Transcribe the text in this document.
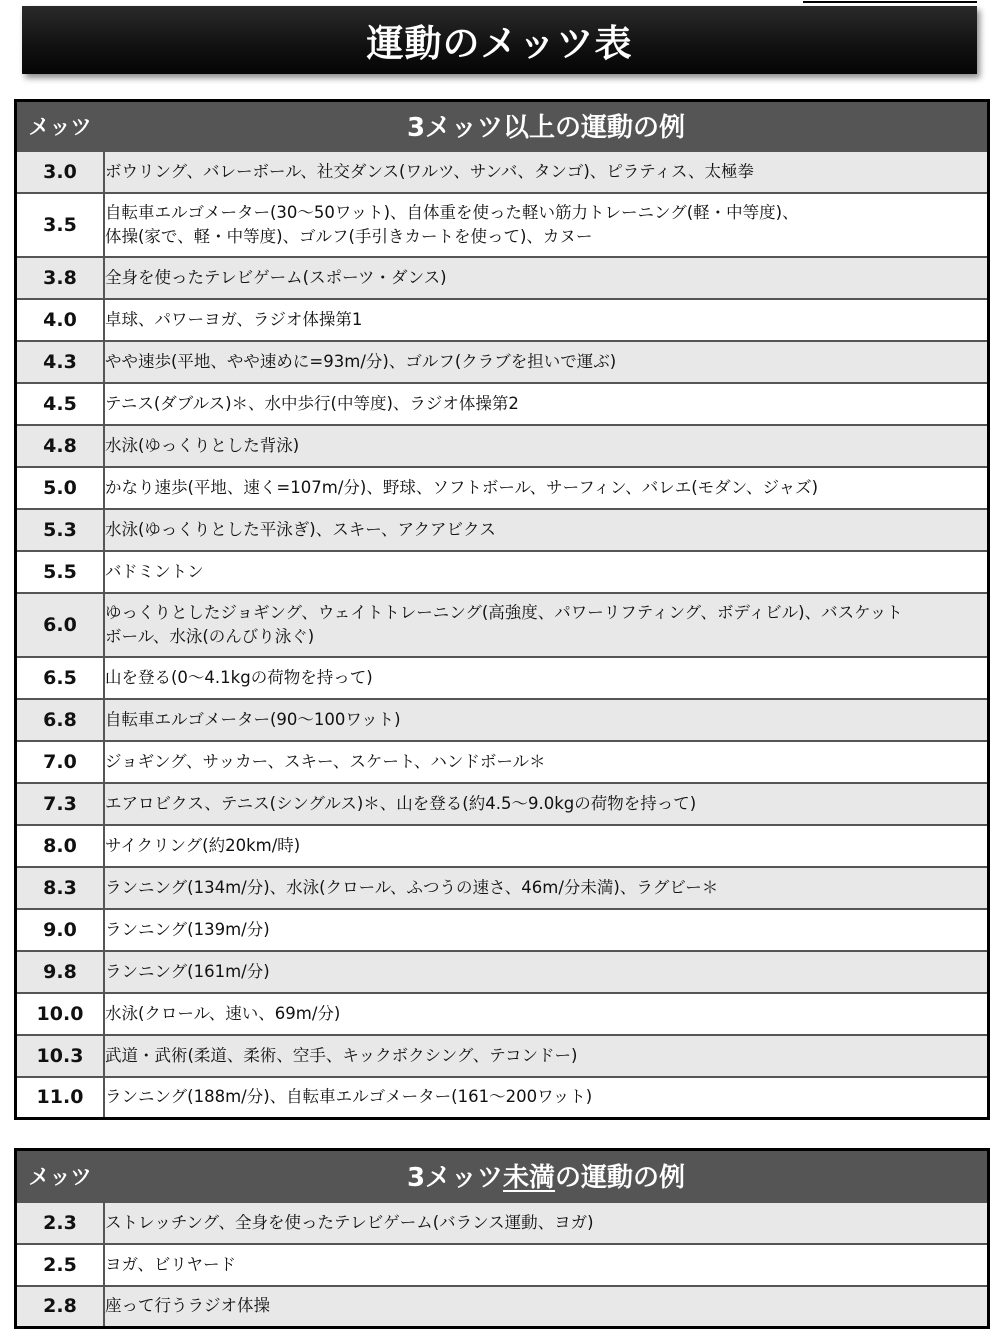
運動のメッツ表
メッツ	3メッツ以上の運動の例
3.0	ボウリング、バレーボール、社交ダンス(ワルツ、サンバ、タンゴ)、ピラティス、太極拳
3.5	自転車エルゴメーター(30～50ワット)、自体重を使った軽い筋力トレーニング(軽・中等度)、
体操(家で、軽・中等度)、ゴルフ(手引きカートを使って)、カヌー
3.8	全身を使ったテレビゲーム(スポーツ・ダンス)
4.0	卓球、パワーヨガ、ラジオ体操第1
4.3	やや速歩(平地、やや速めに=93m/分)、ゴルフ(クラブを担いで運ぶ)
4.5	テニス(ダブルス)＊、水中歩行(中等度)、ラジオ体操第2
4.8	水泳(ゆっくりとした背泳)
5.0	かなり速歩(平地、速く=107m/分)、野球、ソフトボール、サーフィン、バレエ(モダン、ジャズ)
5.3	水泳(ゆっくりとした平泳ぎ)、スキー、アクアビクス
5.5	バドミントン
6.0	ゆっくりとしたジョギング、ウェイトトレーニング(高強度、パワーリフティング、ボディビル)、バスケット
ボール、水泳(のんびり泳ぐ)
6.5	山を登る(0～4.1kgの荷物を持って)
6.8	自転車エルゴメーター(90～100ワット)
7.0	ジョギング、サッカー、スキー、スケート、ハンドボール＊
7.3	エアロビクス、テニス(シングルス)＊、山を登る(約4.5～9.0kgの荷物を持って)
8.0	サイクリング(約20km/時)
8.3	ランニング(134m/分)、水泳(クロール、ふつうの速さ、46m/分未満)、ラグビー＊
9.0	ランニング(139m/分)
9.8	ランニング(161m/分)
10.0	水泳(クロール、速い、69m/分)
10.3	武道・武術(柔道、柔術、空手、キックボクシング、テコンドー)
11.0	ランニング(188m/分)、自転車エルゴメーター(161～200ワット)
メッツ	3メッツ未満の運動の例
2.3	ストレッチング、全身を使ったテレビゲーム(バランス運動、ヨガ)
2.5	ヨガ、ビリヤード
2.8	座って行うラジオ体操
